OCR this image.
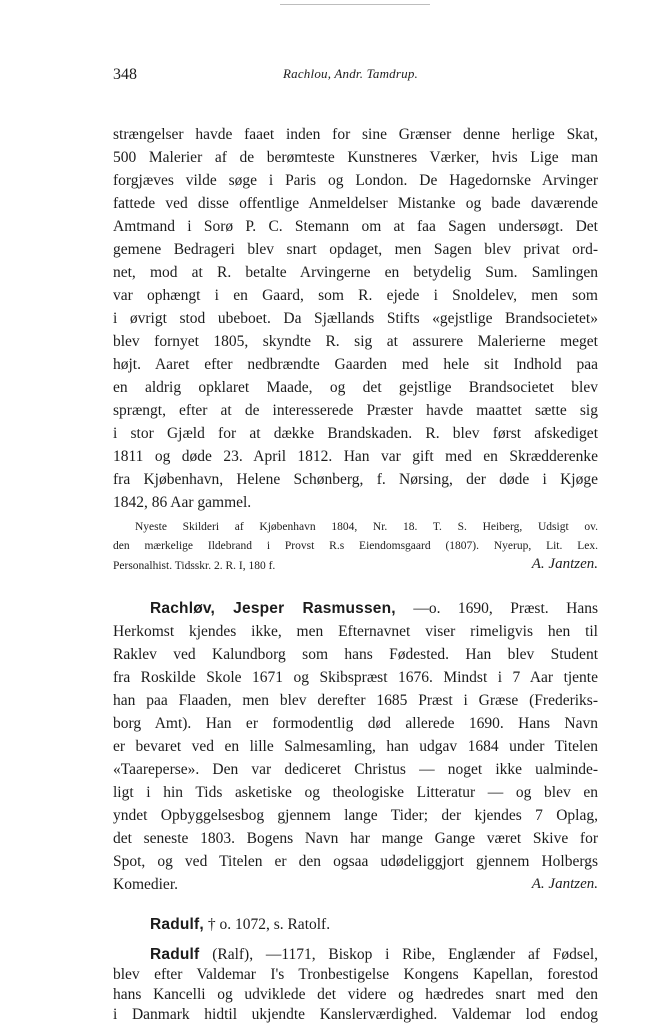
348	Rachlou, Andr. Tamdrup.
strængelser havde faaet inden for sine Grænser denne herlige Skat,
500 Malerier af de berømteste Kunstneres Værker, hvis Lige man
forgjæves vilde søge i Paris og London. De Hagedornske Arvinger
fattede ved disse offentlige Anmeldelser Mistanke og bade daværende
Amtmand i Sorø P. C. Stemann om at faa Sagen undersøgt. Det
gemene Bedrageri blev snart opdaget, men Sagen blev privat ord-
net, mod at R. betalte Arvingerne en betydelig Sum. Samlingen
var ophængt i en Gaard, som R. ejede i Snoldelev, men som
i øvrigt stod ubeboet. Da Sjællands Stifts «gejstlige Brandsocietet»
blev fornyet 1805, skyndte R. sig at assurere Malerierne meget
højt. Aaret efter nedbrændte Gaarden med hele sit Indhold paa
en aldrig opklaret Maade, og det gejstlige Brandsocietet blev
sprængt, efter at de interesserede Præster havde maattet sætte sig
i stor Gjæld for at dække Brandskaden. R. blev først afskediget
1811 og døde 23. April 1812. Han var gift med en Skrædderenke
fra Kjøbenhavn, Helene Schønberg, f. Nørsing, der døde i Kjøge
1842, 86 Aar gammel.
Nyeste Skilderi af Kjøbenhavn 1804, Nr. 18. T. S. Heiberg, Udsigt ov.
den mærkelige Ildebrand i Provst R.s Eiendomsgaard (1807). Nyerup, Lit. Lex.
Personalhist. Tidsskr. 2. R. I, 180 f.	A. Jantzen.
Rachløv, Jesper Rasmussen, —o. 1690, Præst. Hans
Herkomst kjendes ikke, men Efternavnet viser rimeligvis hen til
Raklev ved Kalundborg som hans Fødested. Han blev Student
fra Roskilde Skole 1671 og Skibspræst 1676. Mindst i 7 Aar tjente
han paa Flaaden, men blev derefter 1685 Præst i Græse (Frederiks-
borg Amt). Han er formodentlig død allerede 1690. Hans Navn
er bevaret ved en lille Salmesamling, han udgav 1684 under Titelen
«Taareperse». Den var dediceret Christus — noget ikke ualminde-
ligt i hin Tids asketiske og theologiske Litteratur — og blev en
yndet Opbyggelsesbog gjennem lange Tider; der kjendes 7 Oplag,
det seneste 1803. Bogens Navn har mange Gange været Skive for
Spot, og ved Titelen er den ogsaa udødeliggjort gjennem Holbergs
Komedier.	A. Jantzen.
Radulf, † o. 1072, s. Ratolf.
Radulf (Ralf), —1171, Biskop i Ribe, Englænder af Fødsel,
blev efter Valdemar I's Tronbestigelse Kongens Kapellan, forestod
hans Kancelli og udviklede det videre og hædredes snart med den
i Danmark hidtil ukjendte Kanslerværdighed. Valdemar lod endog
